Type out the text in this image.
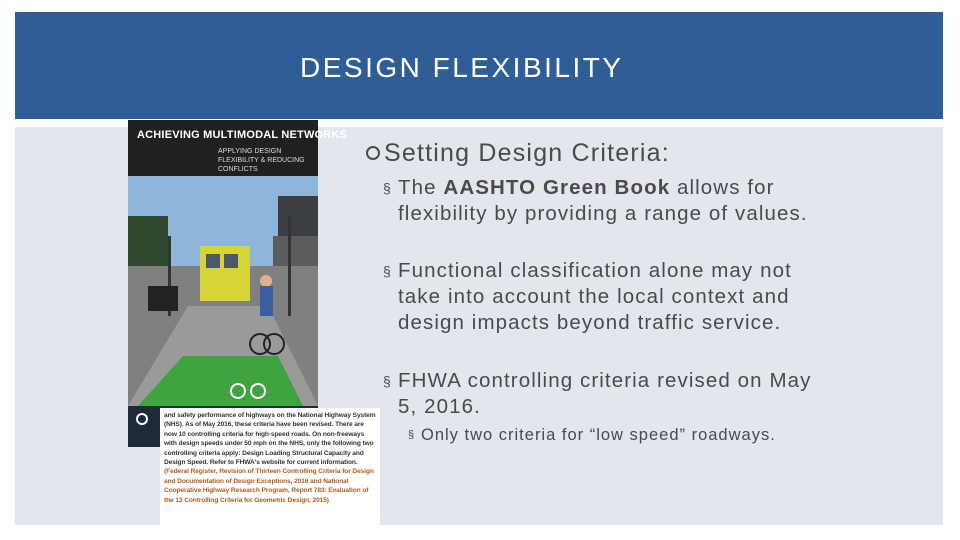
DESIGN FLEXIBILITY
ACHIEVING MULTIMODAL NETWORKS
APPLYING DESIGN FLEXIBILITY & REDUCING CONFLICTS
and safety performance of highways on the National Highway System (NHS). As of May 2016, these criteria have been revised. There are now 10 controlling criteria for high-speed roads. On non-freeways with design speeds under 50 mph on the NHS, only the following two controlling criteria apply: Design Loading Structural Capacity and Design Speed. Refer to FHWA's website for current information. (Federal Register, Revision of Thirteen Controlling Criteria for Design and Documentation of Design Exceptions, 2016 and National Cooperative Highway Research Program, Report 783: Evaluation of the 13 Controlling Criteria for Geometric Design, 2015)
Setting Design Criteria:
§ The AASHTO Green Book allows for flexibility by providing a range of values.
§ Functional classification alone may not take into account the local context and design impacts beyond traffic service.
§ FHWA controlling criteria revised on May 5, 2016.
§ Only two criteria for “low speed” roadways.
